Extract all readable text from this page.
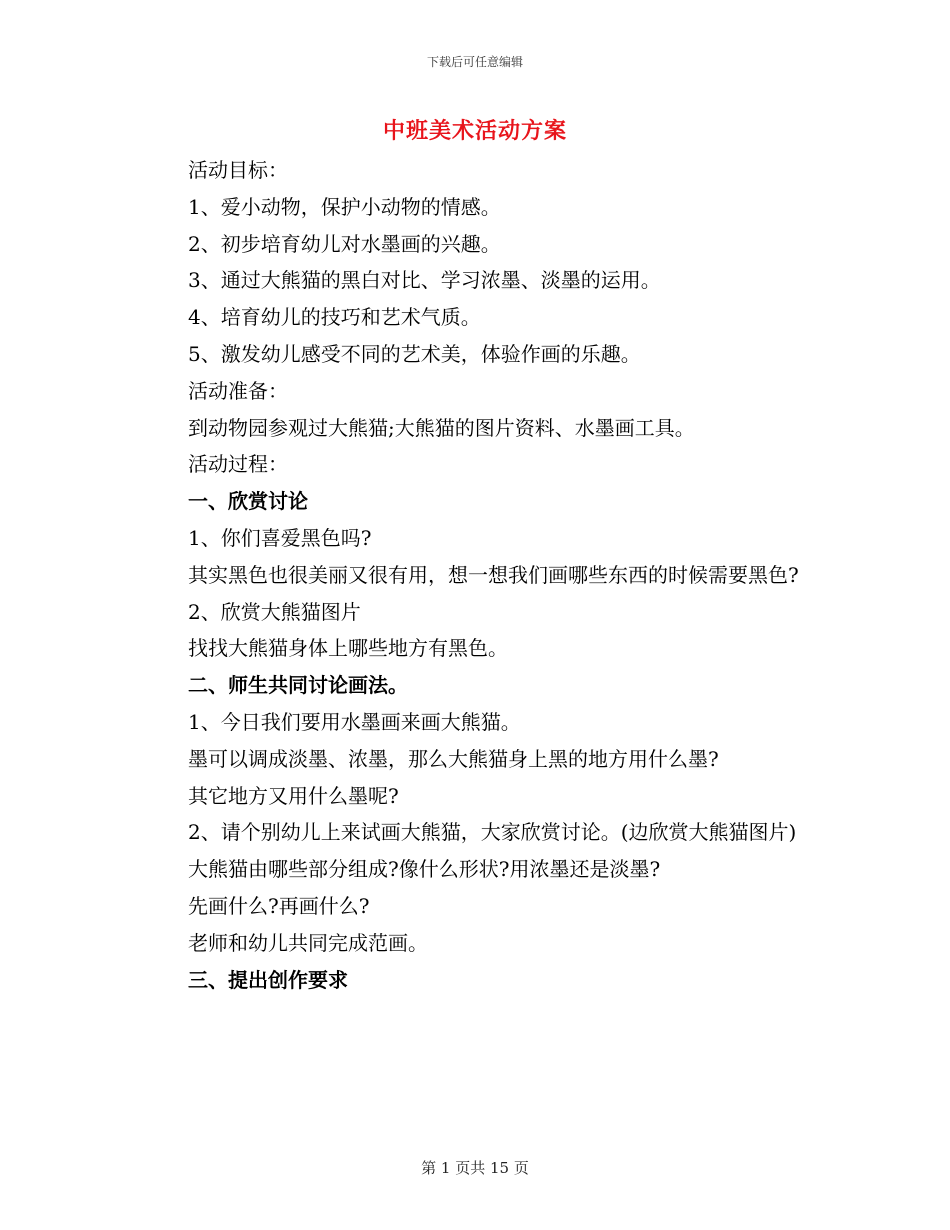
下载后可任意编辑
中班美术活动方案

活动目标：

1、爱小动物，保护小动物的情感。

2、初步培育幼儿对水墨画的兴趣。

3、通过大熊猫的黑白对比、学习浓墨、淡墨的运用。

4、培育幼儿的技巧和艺术气质。

5、激发幼儿感受不同的艺术美，体验作画的乐趣。

活动准备：

到动物园参观过大熊猫;大熊猫的图片资料、水墨画工具。

活动过程：

一、欣赏讨论

1、你们喜爱黑色吗?

其实黑色也很美丽又很有用，想一想我们画哪些东西的时候需要黑色?

2、欣赏大熊猫图片

找找大熊猫身体上哪些地方有黑色。

二、师生共同讨论画法。

1、今日我们要用水墨画来画大熊猫。

墨可以调成淡墨、浓墨，那么大熊猫身上黑的地方用什么墨?

其它地方又用什么墨呢?

2、请个别幼儿上来试画大熊猫，大家欣赏讨论。(边欣赏大熊猫图片)

大熊猫由哪些部分组成?像什么形状?用浓墨还是淡墨?

先画什么?再画什么?

老师和幼儿共同完成范画。

三、提出创作要求

第 1 页共 15 页
